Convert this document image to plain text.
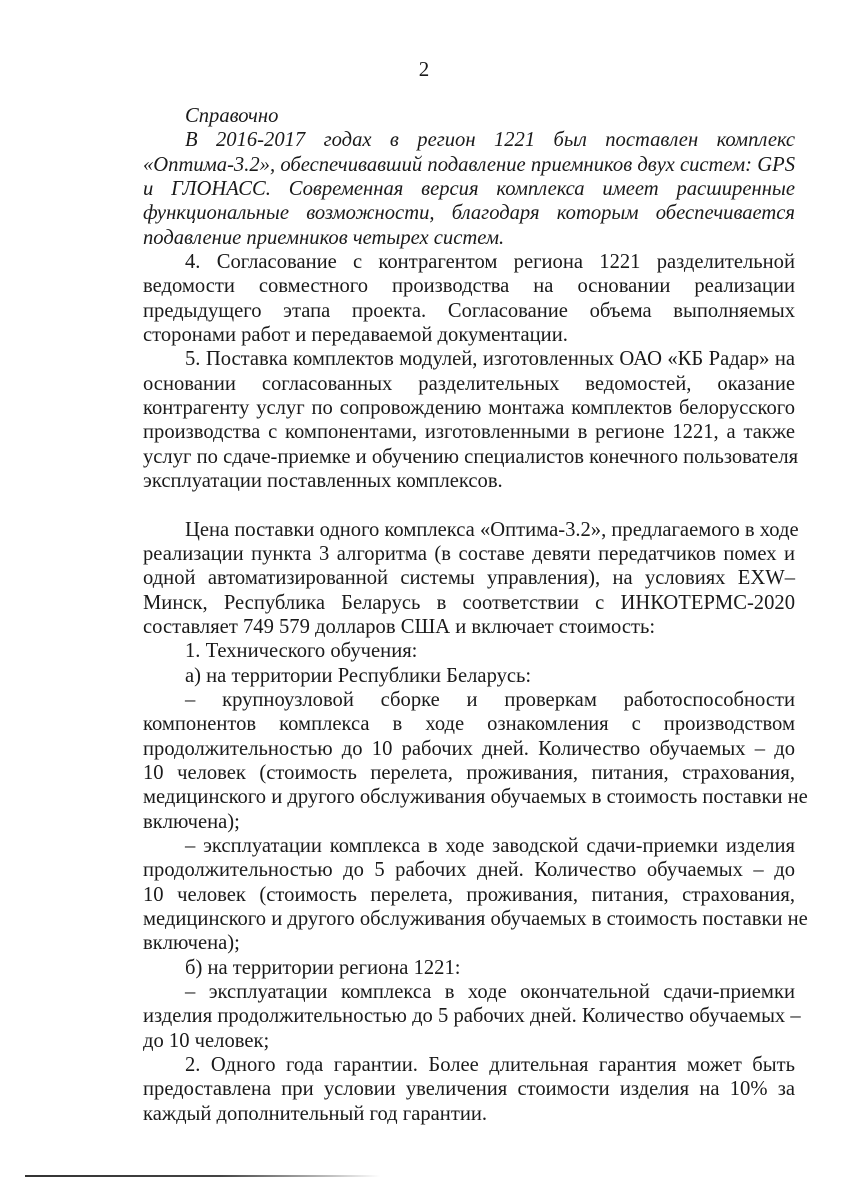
2
Справочно
В 2016-2017 годах в регион 1221 был поставлен комплекс
«Оптима-3.2», обеспечивавший подавление приемников двух систем: GPS
и ГЛОНАСС. Современная версия комплекса имеет расширенные
функциональные возможности, благодаря которым обеспечивается
подавление приемников четырех систем.
4. Согласование с контрагентом региона 1221 разделительной
ведомости совместного производства на основании реализации
предыдущего этапа проекта. Согласование объема выполняемых
сторонами работ и передаваемой документации.
5. Поставка комплектов модулей, изготовленных ОАО «КБ Радар» на
основании согласованных разделительных ведомостей, оказание
контрагенту услуг по сопровождению монтажа комплектов белорусского
производства с компонентами, изготовленными в регионе 1221, а также
услуг по сдаче-приемке и обучению специалистов конечного пользователя
эксплуатации поставленных комплексов.
Цена поставки одного комплекса «Оптима-3.2», предлагаемого в ходе
реализации пункта 3 алгоритма (в составе девяти передатчиков помех и
одной автоматизированной системы управления), на условиях EXW–
Минск, Республика Беларусь в соответствии с ИНКОТЕРМС-2020
составляет 749 579 долларов США и включает стоимость:
1. Технического обучения:
а) на территории Республики Беларусь:
– крупноузловой сборке и проверкам работоспособности
компонентов комплекса в ходе ознакомления с производством
продолжительностью до 10 рабочих дней. Количество обучаемых – до
10 человек (стоимость перелета, проживания, питания, страхования,
медицинского и другого обслуживания обучаемых в стоимость поставки не
включена);
– эксплуатации комплекса в ходе заводской сдачи-приемки изделия
продолжительностью до 5 рабочих дней. Количество обучаемых – до
10 человек (стоимость перелета, проживания, питания, страхования,
медицинского и другого обслуживания обучаемых в стоимость поставки не
включена);
б) на территории региона 1221:
– эксплуатации комплекса в ходе окончательной сдачи-приемки
изделия продолжительностью до 5 рабочих дней. Количество обучаемых –
до 10 человек;
2. Одного года гарантии. Более длительная гарантия может быть
предоставлена при условии увеличения стоимости изделия на 10% за
каждый дополнительный год гарантии.
